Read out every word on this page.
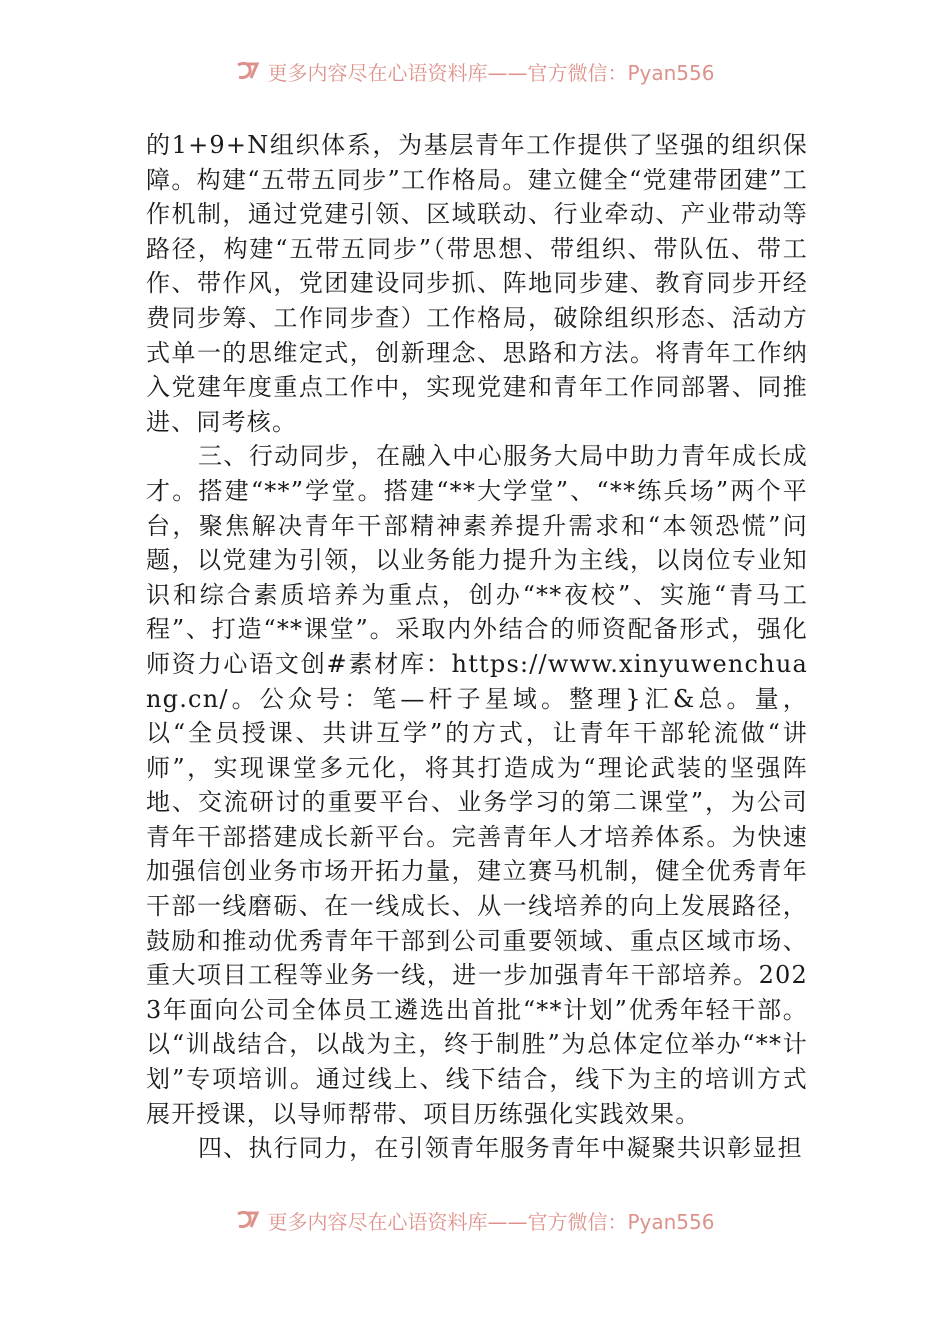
更多内容尽在心语资料库——官方微信：Pyan556

的1+9+N组织体系，为基层青年工作提供了坚强的组织保障。构建“五带五同步”工作格局。建立健全“党建带团建”工作机制，通过党建引领、区域联动、行业牵动、产业带动等路径，构建“五带五同步”（带思想、带组织、带队伍、带工作、带作风，党团建设同步抓、阵地同步建、教育同步开经费同步筹、工作同步查）工作格局，破除组织形态、活动方式单一的思维定式，创新理念、思路和方法。将青年工作纳入党建年度重点工作中，实现党建和青年工作同部署、同推进、同考核。

三、行动同步，在融入中心服务大局中助力青年成长成才。搭建“**”学堂。搭建“**大学堂”、“**练兵场”两个平台，聚焦解决青年干部精神素养提升需求和“本领恐慌”问题，以党建为引领，以业务能力提升为主线，以岗位专业知识和综合素质培养为重点，创办“**夜校”、实施“青马工程”、打造“**课堂”。采取内外结合的师资配备形式，强化师资力心语文创#素材库：https://www.xinyuwenchuang.cn/。公众号：笔—杆子星域。整理}汇&总。量，以“全员授课、共讲互学”的方式，让青年干部轮流做“讲师”，实现课堂多元化，将其打造成为“理论武装的坚强阵地、交流研讨的重要平台、业务学习的第二课堂”，为公司青年干部搭建成长新平台。完善青年人才培养体系。为快速加强信创业务市场开拓力量，建立赛马机制，健全优秀青年干部一线磨砺、在一线成长、从一线培养的向上发展路径，鼓励和推动优秀青年干部到公司重要领域、重点区域市场、重大项目工程等业务一线，进一步加强青年干部培养。2023年面向公司全体员工遴选出首批“**计划”优秀年轻干部。以“训战结合，以战为主，终于制胜”为总体定位举办“**计划”专项培训。通过线上、线下结合，线下为主的培训方式展开授课，以导师帮带、项目历练强化实践效果。

四、执行同力，在引领青年服务青年中凝聚共识彰显担

更多内容尽在心语资料库——官方微信：Pyan556
